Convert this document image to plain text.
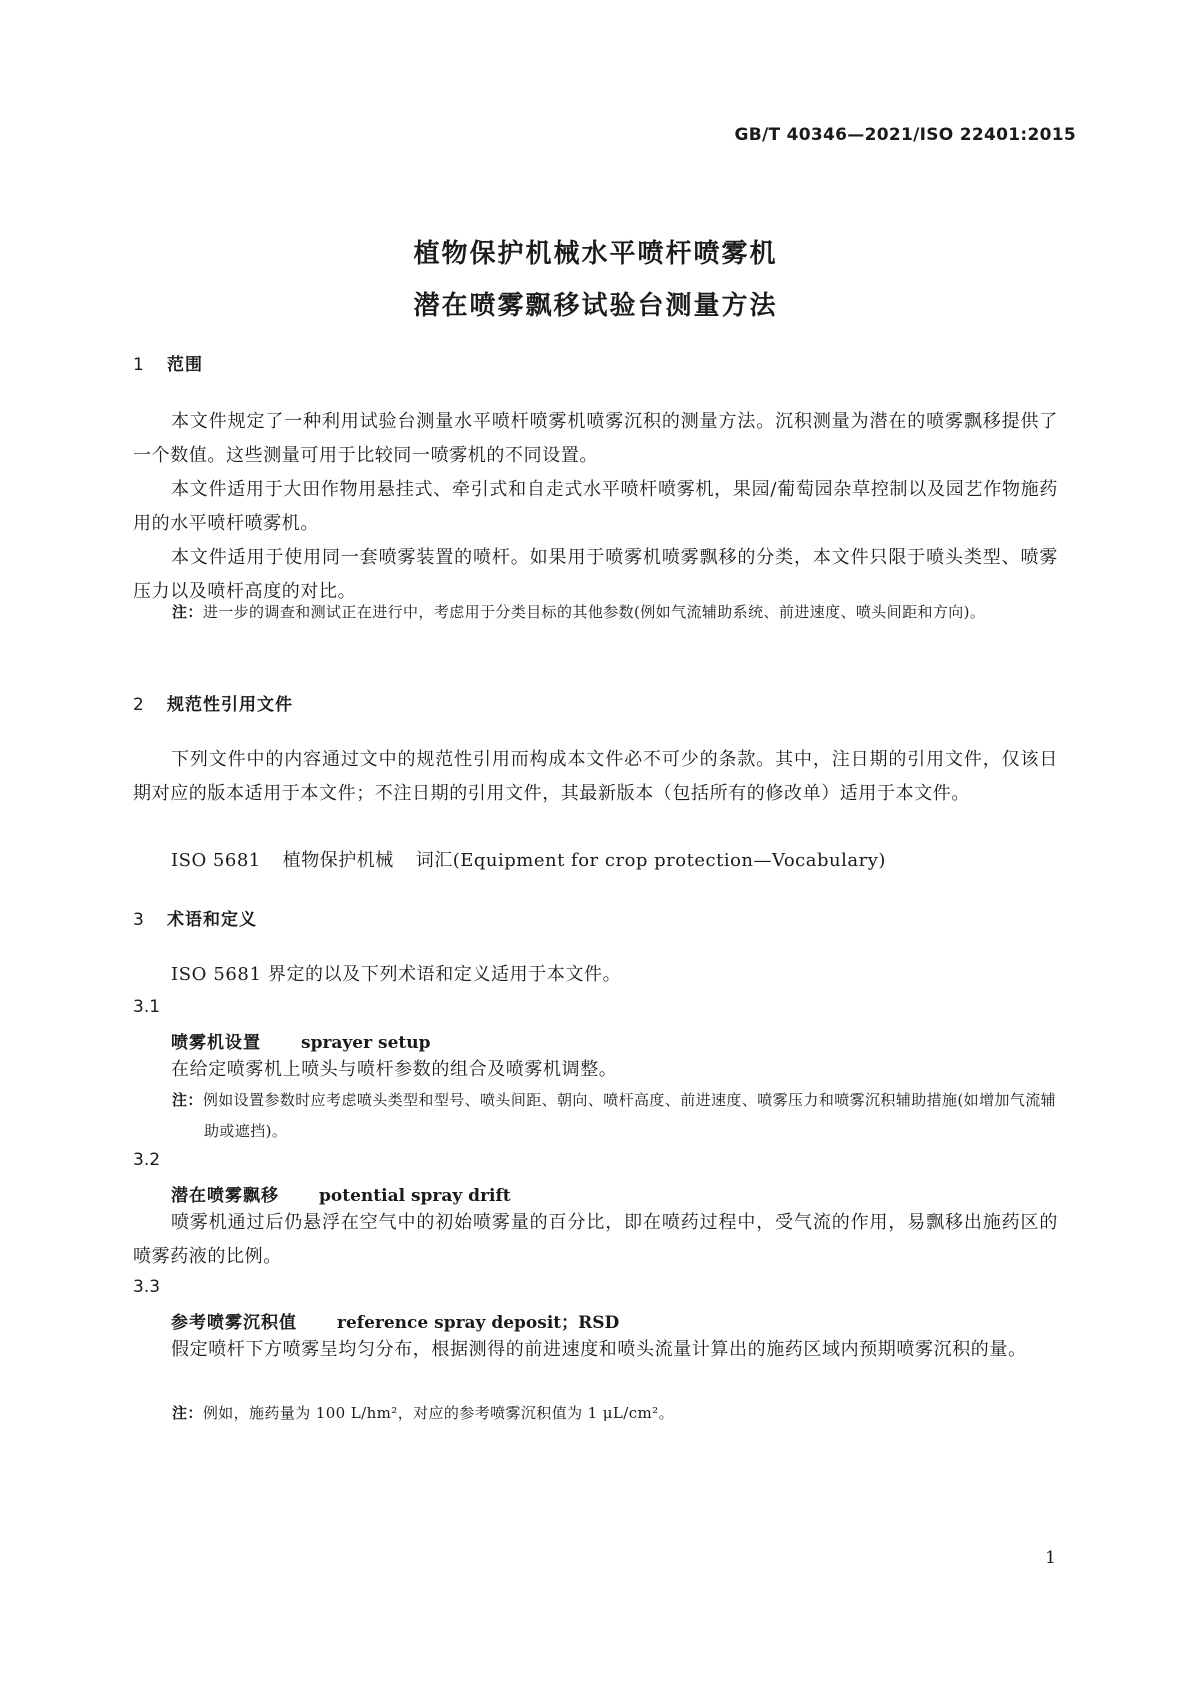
GB/T 40346—2021/ISO 22401:2015
植物保护机械水平喷杆喷雾机
潜在喷雾飘移试验台测量方法
1 范围
本文件规定了一种利用试验台测量水平喷杆喷雾机喷雾沉积的测量方法。沉积测量为潜在的喷雾飘移提供了一个数值。这些测量可用于比较同一喷雾机的不同设置。
本文件适用于大田作物用悬挂式、牵引式和自走式水平喷杆喷雾机，果园/葡萄园杂草控制以及园艺作物施药用的水平喷杆喷雾机。
本文件适用于使用同一套喷雾装置的喷杆。如果用于喷雾机喷雾飘移的分类，本文件只限于喷头类型、喷雾压力以及喷杆高度的对比。
注：进一步的调查和测试正在进行中，考虑用于分类目标的其他参数(例如气流辅助系统、前进速度、喷头间距和方向)。
2 规范性引用文件
下列文件中的内容通过文中的规范性引用而构成本文件必不可少的条款。其中，注日期的引用文件，仅该日期对应的版本适用于本文件；不注日期的引用文件，其最新版本（包括所有的修改单）适用于本文件。
ISO 5681 植物保护机械 词汇(Equipment for crop protection—Vocabulary)
3 术语和定义
ISO 5681 界定的以及下列术语和定义适用于本文件。
3.1
喷雾机设置 sprayer setup
在给定喷雾机上喷头与喷杆参数的组合及喷雾机调整。
注：例如设置参数时应考虑喷头类型和型号、喷头间距、朝向、喷杆高度、前进速度、喷雾压力和喷雾沉积辅助措施(如增加气流辅助或遮挡)。
3.2
潜在喷雾飘移 potential spray drift
喷雾机通过后仍悬浮在空气中的初始喷雾量的百分比，即在喷药过程中，受气流的作用，易飘移出施药区的喷雾药液的比例。
3.3
参考喷雾沉积值 reference spray deposit；RSD
假定喷杆下方喷雾呈均匀分布，根据测得的前进速度和喷头流量计算出的施药区域内预期喷雾沉积的量。
注：例如，施药量为 100 L/hm²，对应的参考喷雾沉积值为 1 μL/cm²。
1
